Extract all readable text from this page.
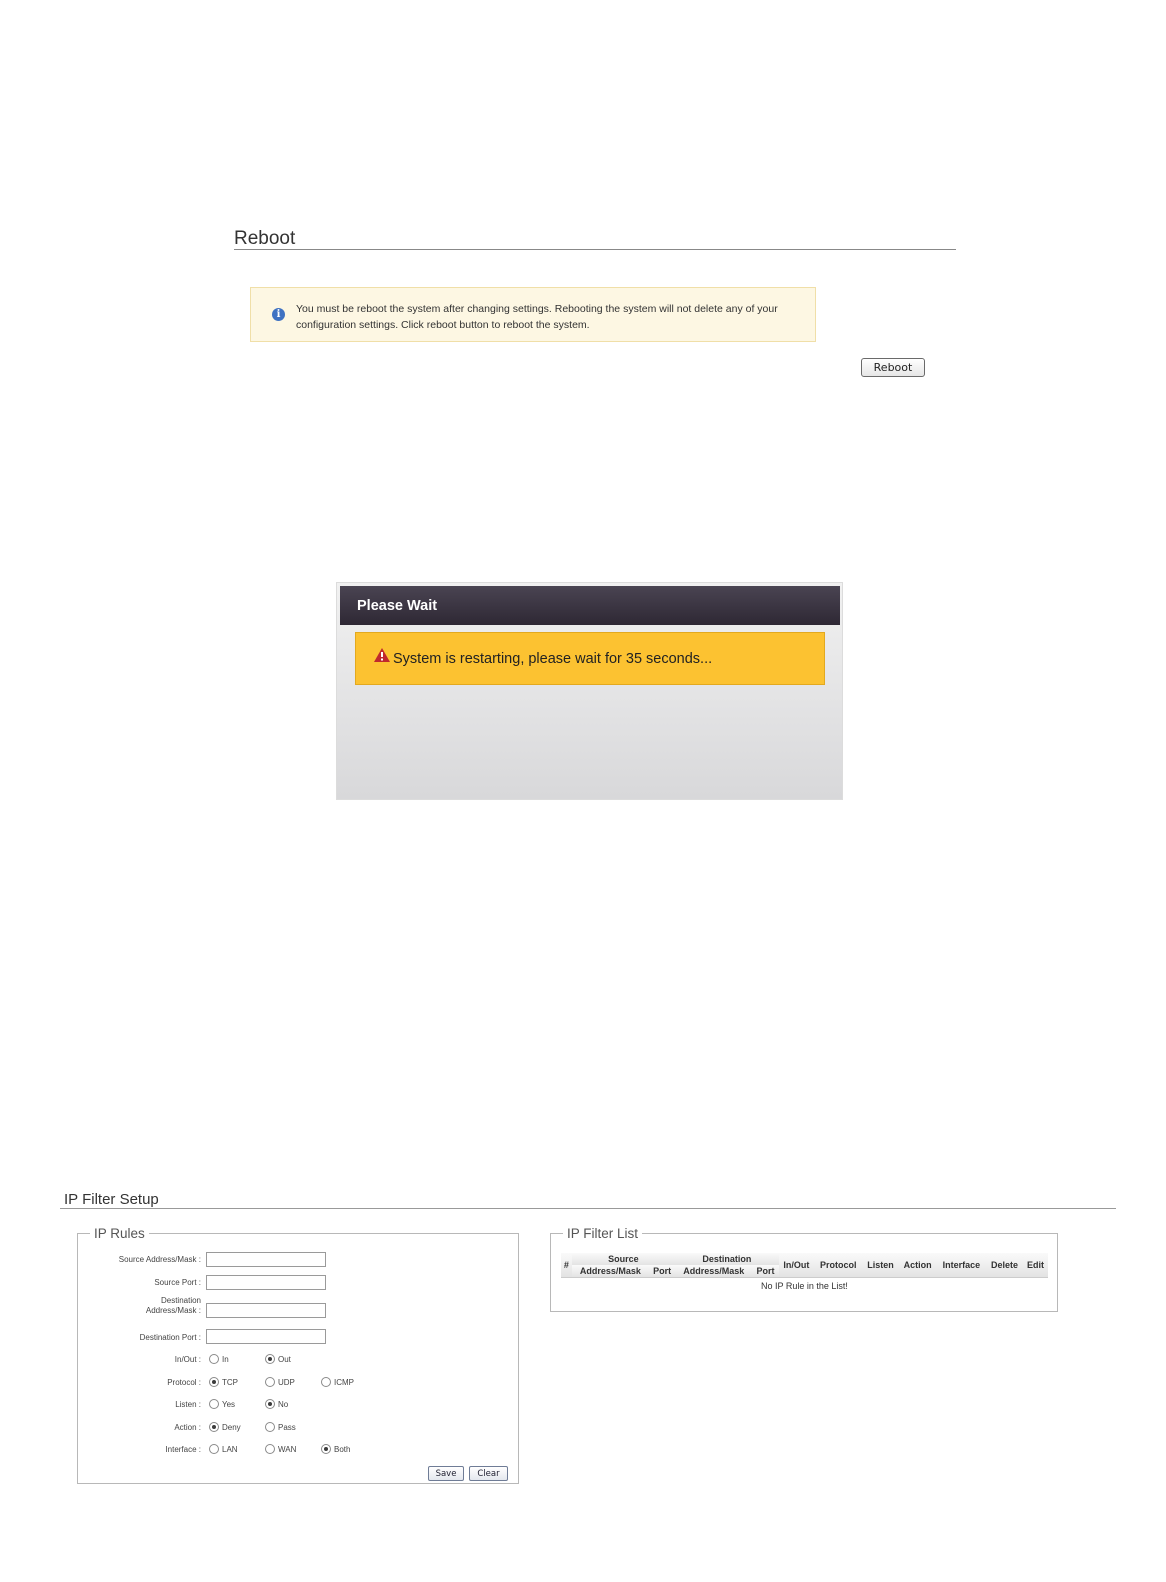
Reboot
i	You must be reboot the system after changing settings. Rebooting the system will not delete any of your configuration settings. Click reboot button to reboot the system.
Reboot
Please Wait
System is restarting, please wait for 35 seconds...
IP Filter Setup
IP Rules
Source Address/Mask :
Source Port :
Destination
Address/Mask :
Destination Port :
In/Out :	In	Out
Protocol :	TCP	UDP	ICMP
Listen :	Yes	No
Action :	Deny	Pass
Interface :	LAN	WAN	Both
Save	Clear
IP Filter List
#	Source		Destination		In/Out	Protocol	Listen	Action	Interface	Delete	Edit
	Address/Mask	Port	Address/Mask	Port							
No IP Rule in the List!											
